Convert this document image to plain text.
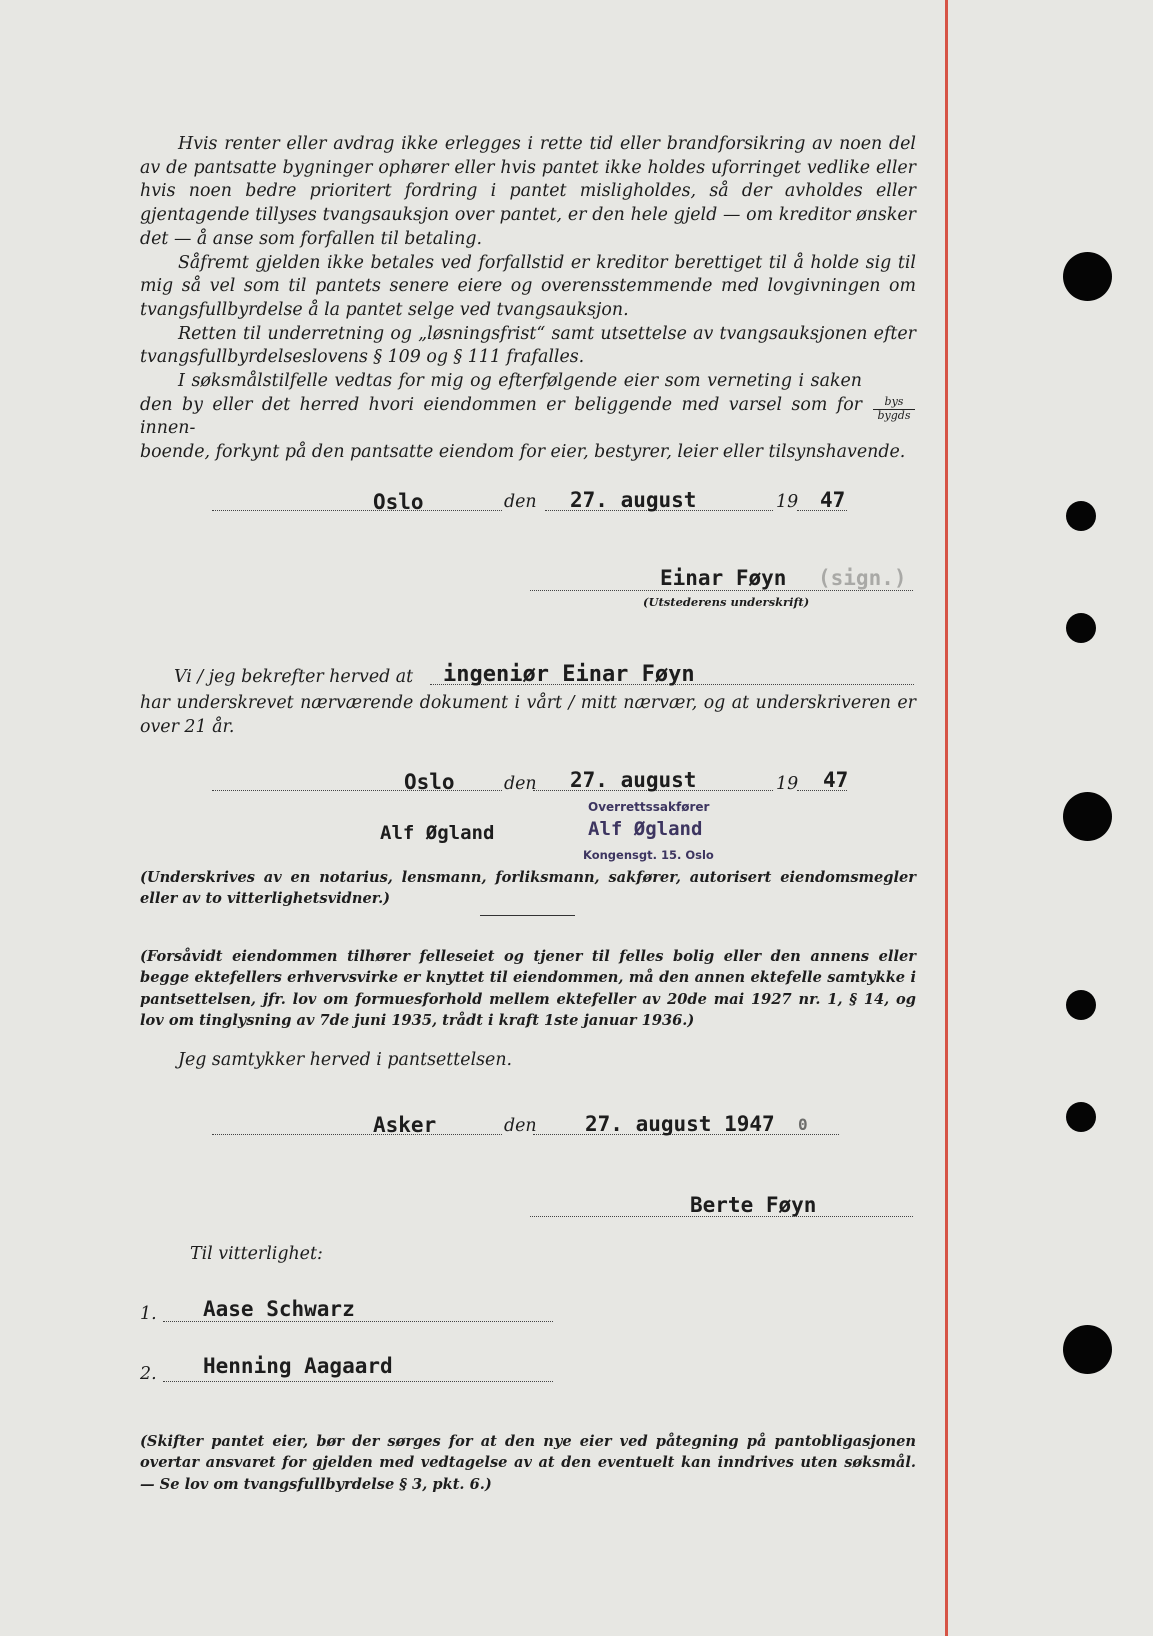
Hvis renter eller avdrag ikke erlegges i rette tid eller brandforsikring av noen del av de pantsatte bygninger ophører eller hvis pantet ikke holdes uforringet vedlike eller hvis noen bedre prioritert fordring i pantet misligholdes, så der avholdes eller gjentagende tillyses tvangsauksjon over pantet, er den hele gjeld — om kreditor ønsker det — å anse som forfallen til betaling.

Såfremt gjelden ikke betales ved forfallstid er kreditor berettiget til å holde sig til mig så vel som til pantets senere eiere og overensstemmende med lovgivningen om tvangsfullbyrdelse å la pantet selge ved tvangsauksjon.

Retten til underretning og „løsningsfrist“ samt utsettelse av tvangsauksjonen efter tvangsfullbyrdelseslovens § 109 og § 111 frafalles.

I søksmålstilfelle vedtas for mig og efterfølgende eier som verneting i saken den by eller det herred hvori eiendommen er beliggende med varsel som for innen-

boende, forkynt på den pantsatte eiendom for eier, bestyrer, leier eller tilsynshavende.

bys
bygds
Oslo	den 27. august	19 47
Einar Føyn (sign.)
(Utstederens underskrift)
Vi / jeg bekrefter herved at ingeniør Einar Føyn
har underskrevet nærværende dokument i vårt / mitt nærvær, og at underskriveren er over 21 år.
Oslo	den 27. august	19 47
Alf Øgland
Overrettssakfører
Alf Øgland
Kongensgt. 15. Oslo
(Underskrives av en notarius, lensmann, forliksmann, sakfører, autorisert eiendomsmegler eller av to vitterlighetsvidner.)
(Forsåvidt eiendommen tilhører felleseiet og tjener til felles bolig eller den annens eller begge ektefellers erhvervsvirke er knyttet til eiendommen, må den annen ektefelle samtykke i pantsettelsen, jfr. lov om formuesforhold mellem ektefeller av 20de mai 1927 nr. 1, § 14, og lov om tinglysning av 7de juni 1935, trådt i kraft 1ste januar 1936.)
Jeg samtykker herved i pantsettelsen.
Asker	den 27. august 1947 0
Berte Føyn
Til vitterlighet:
1. Aase Schwarz
2. Henning Aagaard
(Skifter pantet eier, bør der sørges for at den nye eier ved påtegning på pantobligasjonen overtar ansvaret for gjelden med vedtagelse av at den eventuelt kan inndrives uten søksmål. — Se lov om tvangsfullbyrdelse § 3, pkt. 6.)
